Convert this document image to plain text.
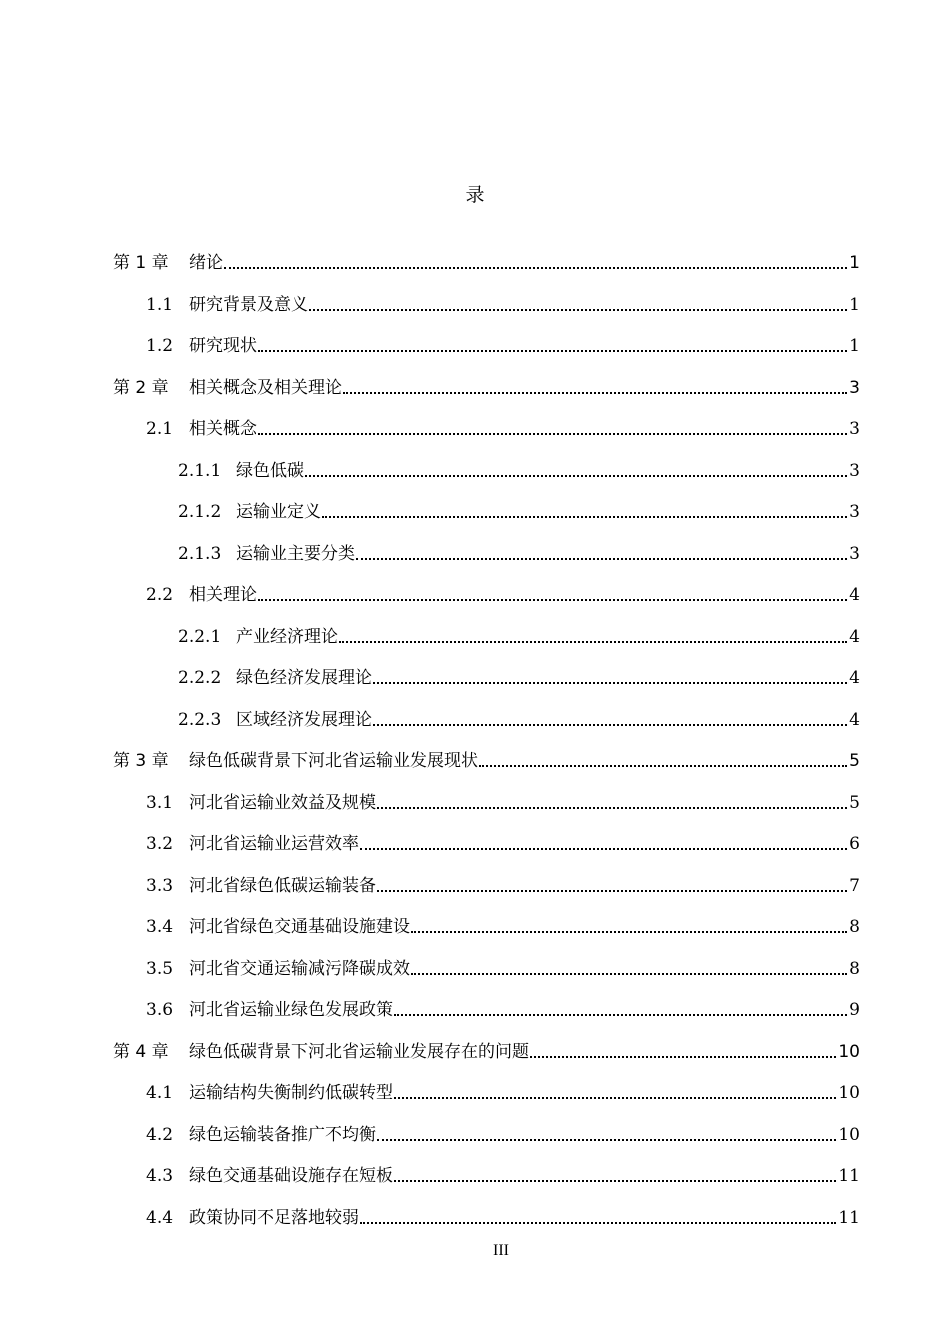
录
第 1 章	绪论	1
1.1 研究背景及意义	1
1.2 研究现状	1
第 2 章	相关概念及相关理论	3
2.1 相关概念	3
2.1.1 绿色低碳	3
2.1.2 运输业定义	3
2.1.3 运输业主要分类	3
2.2 相关理论	4
2.2.1 产业经济理论	4
2.2.2 绿色经济发展理论	4
2.2.3 区域经济发展理论	4
第 3 章	绿色低碳背景下河北省运输业发展现状	5
3.1 河北省运输业效益及规模	5
3.2 河北省运输业运营效率	6
3.3 河北省绿色低碳运输装备	7
3.4 河北省绿色交通基础设施建设	8
3.5 河北省交通运输减污降碳成效	8
3.6 河北省运输业绿色发展政策	9
第 4 章	绿色低碳背景下河北省运输业发展存在的问题	10
4.1 运输结构失衡制约低碳转型	10
4.2 绿色运输装备推广不均衡	10
4.3 绿色交通基础设施存在短板	11
4.4 政策协同不足落地较弱	11
III
